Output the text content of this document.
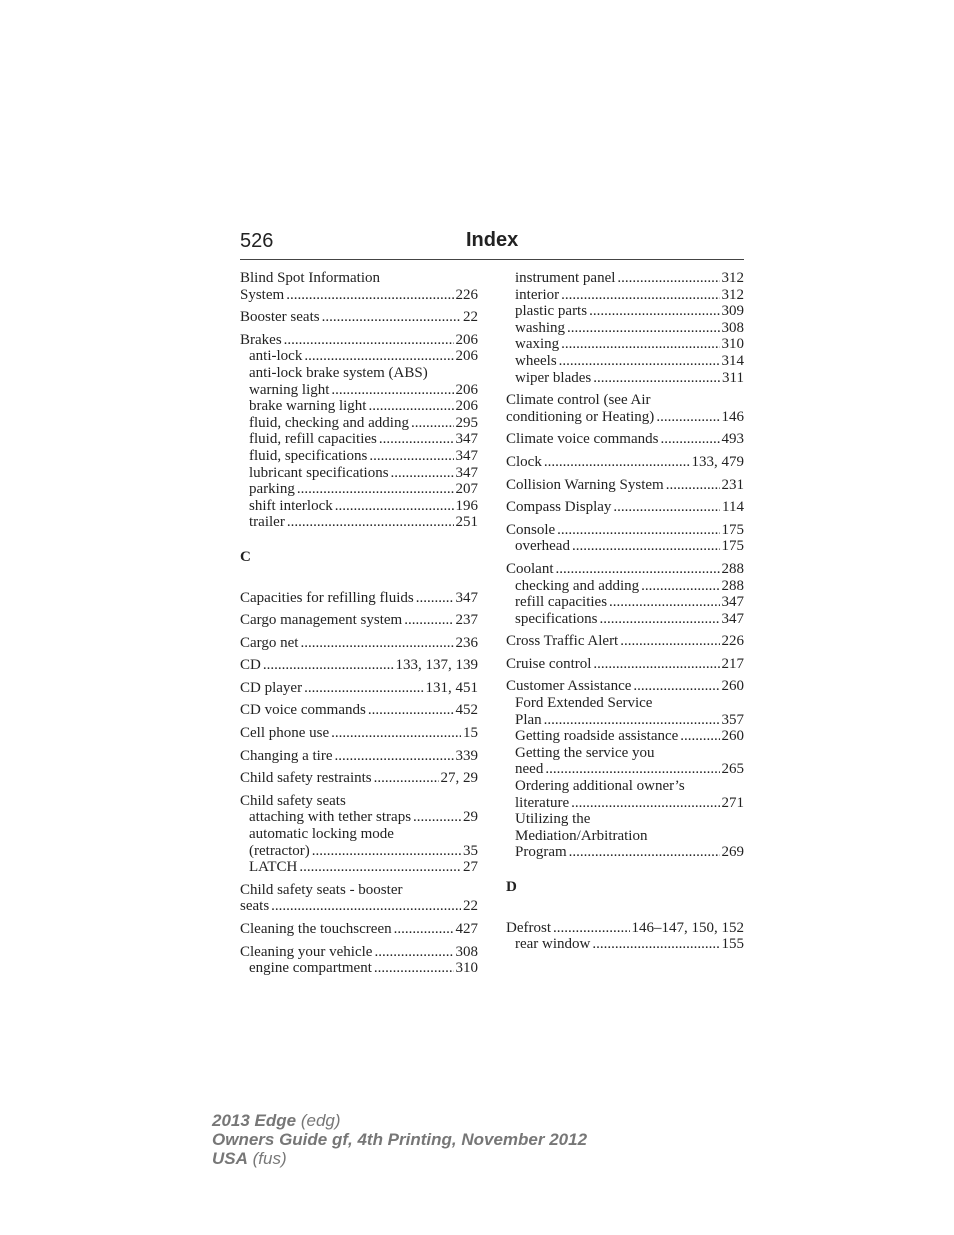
526	Index
Blind Spot Information
System .....	226
Booster seats .....	22
Brakes .....	206
anti-lock .....	206
anti-lock brake system (ABS)
warning light .....	206
brake warning light .....	206
fluid, checking and adding .....	295
fluid, refill capacities .....	347
fluid, specifications .....	347
lubricant specifications .....	347
parking .....	207
shift interlock .....	196
trailer .....	251
C
Capacities for refilling fluids .....	347
Cargo management system .....	237
Cargo net .....	236
CD .....	133, 137, 139
CD player .....	131, 451
CD voice commands .....	452
Cell phone use .....	15
Changing a tire .....	339
Child safety restraints .....	27, 29
Child safety seats
attaching with tether straps .....	29
automatic locking mode
(retractor) .....	35
LATCH .....	27
Child safety seats - booster
seats .....	22
Cleaning the touchscreen .....	427
Cleaning your vehicle .....	308
engine compartment .....	310
instrument panel .....	312
interior .....	312
plastic parts .....	309
washing .....	308
waxing .....	310
wheels .....	314
wiper blades .....	311
Climate control (see Air
conditioning or Heating) .....	146
Climate voice commands .....	493
Clock .....	133, 479
Collision Warning System .....	231
Compass Display .....	114
Console .....	175
overhead .....	175
Coolant .....	288
checking and adding .....	288
refill capacities .....	347
specifications .....	347
Cross Traffic Alert .....	226
Cruise control .....	217
Customer Assistance .....	260
Ford Extended Service
Plan .....	357
Getting roadside assistance .....	260
Getting the service you
need .....	265
Ordering additional owner’s
literature .....	271
Utilizing the
Mediation/Arbitration
Program .....	269
D
Defrost .....	146–147, 150, 152
rear window .....	155
2013 Edge (edg)
Owners Guide gf, 4th Printing, November 2012
USA (fus)
